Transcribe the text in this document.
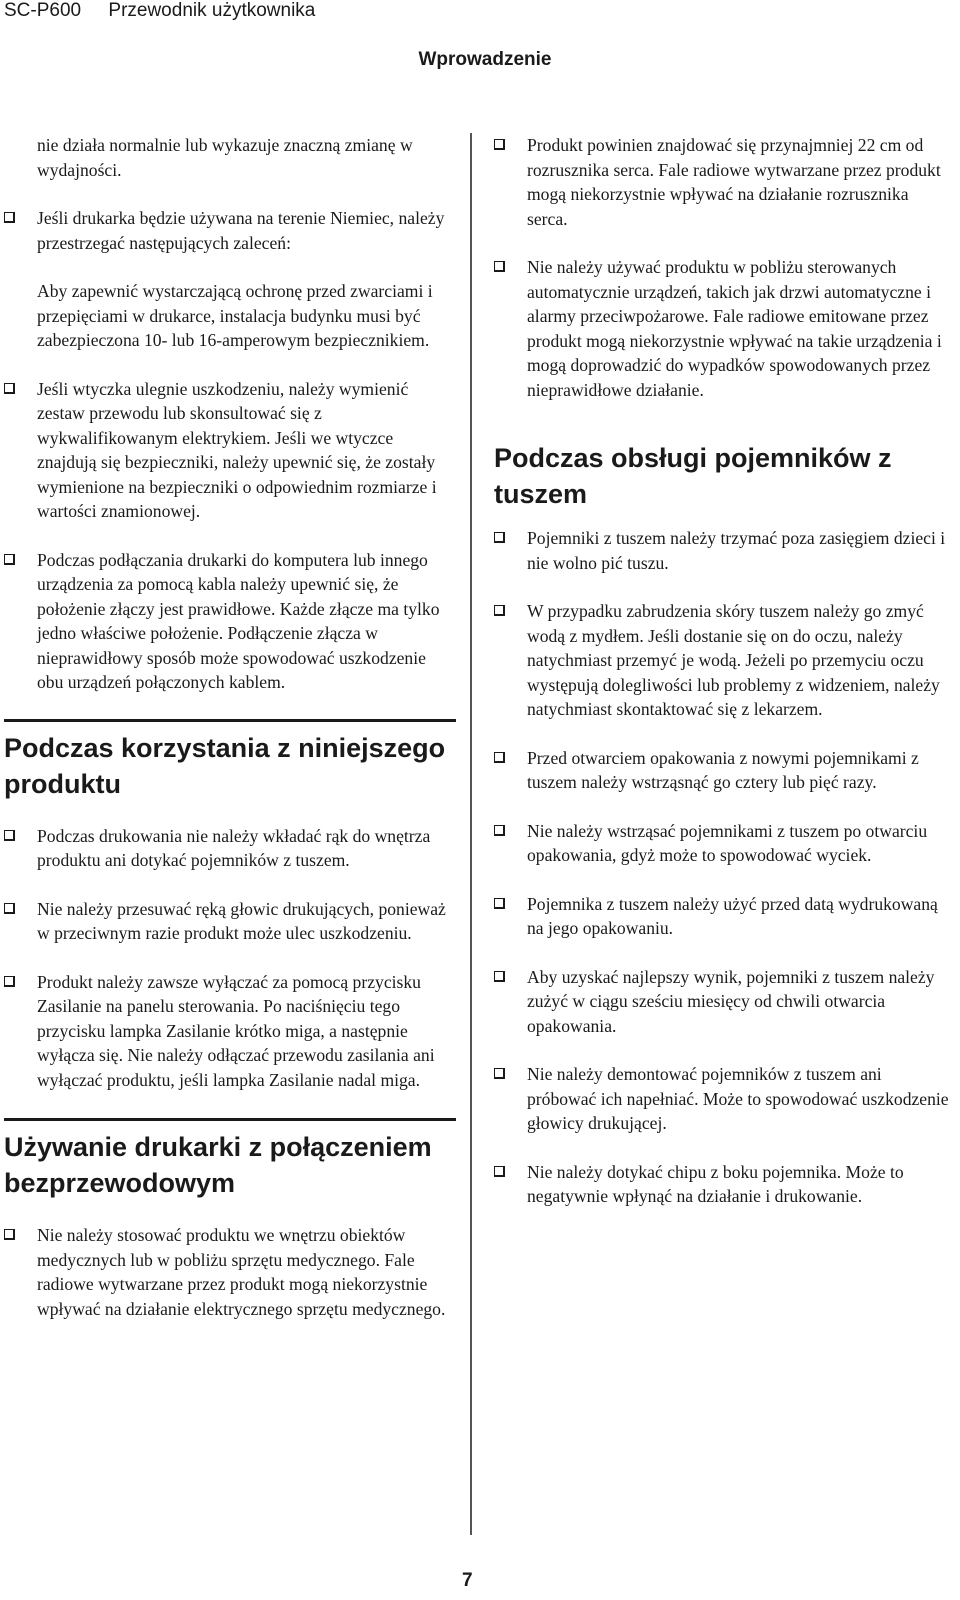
SC-P600 Przewodnik użytkownika
Wprowadzenie

nie działa normalnie lub wykazuje znaczną zmianę w wydajności.

Jeśli drukarka będzie używana na terenie Niemiec, należy przestrzegać następujących zaleceń:

Aby zapewnić wystarczającą ochronę przed zwarciami i przepięciami w drukarce, instalacja budynku musi być zabezpieczona 10- lub 16-amperowym bezpiecznikiem.

Jeśli wtyczka ulegnie uszkodzeniu, należy wymienić zestaw przewodu lub skonsultować się z wykwalifikowanym elektrykiem. Jeśli we wtyczce znajdują się bezpieczniki, należy upewnić się, że zostały wymienione na bezpieczniki o odpowiednim rozmiarze i wartości znamionowej.

Podczas podłączania drukarki do komputera lub innego urządzenia za pomocą kabla należy upewnić się, że położenie złączy jest prawidłowe. Każde złącze ma tylko jedno właściwe położenie. Podłączenie złącza w nieprawidłowy sposób może spowodować uszkodzenie obu urządzeń połączonych kablem.

Podczas korzystania z niniejszego produktu

Podczas drukowania nie należy wkładać rąk do wnętrza produktu ani dotykać pojemników z tuszem.

Nie należy przesuwać ręką głowic drukujących, ponieważ w przeciwnym razie produkt może ulec uszkodzeniu.

Produkt należy zawsze wyłączać za pomocą przycisku Zasilanie na panelu sterowania. Po naciśnięciu tego przycisku lampka Zasilanie krótko miga, a następnie wyłącza się. Nie należy odłączać przewodu zasilania ani wyłączać produktu, jeśli lampka Zasilanie nadal miga.

Używanie drukarki z połączeniem bezprzewodowym

Nie należy stosować produktu we wnętrzu obiektów medycznych lub w pobliżu sprzętu medycznego. Fale radiowe wytwarzane przez produkt mogą niekorzystnie wpływać na działanie elektrycznego sprzętu medycznego.

Produkt powinien znajdować się przynajmniej 22 cm od rozrusznika serca. Fale radiowe wytwarzane przez produkt mogą niekorzystnie wpływać na działanie rozrusznika serca.

Nie należy używać produktu w pobliżu sterowanych automatycznie urządzeń, takich jak drzwi automatyczne i alarmy przeciwpożarowe. Fale radiowe emitowane przez produkt mogą niekorzystnie wpływać na takie urządzenia i mogą doprowadzić do wypadków spowodowanych przez nieprawidłowe działanie.

Podczas obsługi pojemników z tuszem

Pojemniki z tuszem należy trzymać poza zasięgiem dzieci i nie wolno pić tuszu.

W przypadku zabrudzenia skóry tuszem należy go zmyć wodą z mydłem. Jeśli dostanie się on do oczu, należy natychmiast przemyć je wodą. Jeżeli po przemyciu oczu występują dolegliwości lub problemy z widzeniem, należy natychmiast skontaktować się z lekarzem.

Przed otwarciem opakowania z nowymi pojemnikami z tuszem należy wstrząsnąć go cztery lub pięć razy.

Nie należy wstrząsać pojemnikami z tuszem po otwarciu opakowania, gdyż może to spowodować wyciek.

Pojemnika z tuszem należy użyć przed datą wydrukowaną na jego opakowaniu.

Aby uzyskać najlepszy wynik, pojemniki z tuszem należy zużyć w ciągu sześciu miesięcy od chwili otwarcia opakowania.

Nie należy demontować pojemników z tuszem ani próbować ich napełniać. Może to spowodować uszkodzenie głowicy drukującej.

Nie należy dotykać chipu z boku pojemnika. Może to negatywnie wpłynąć na działanie i drukowanie.

7
